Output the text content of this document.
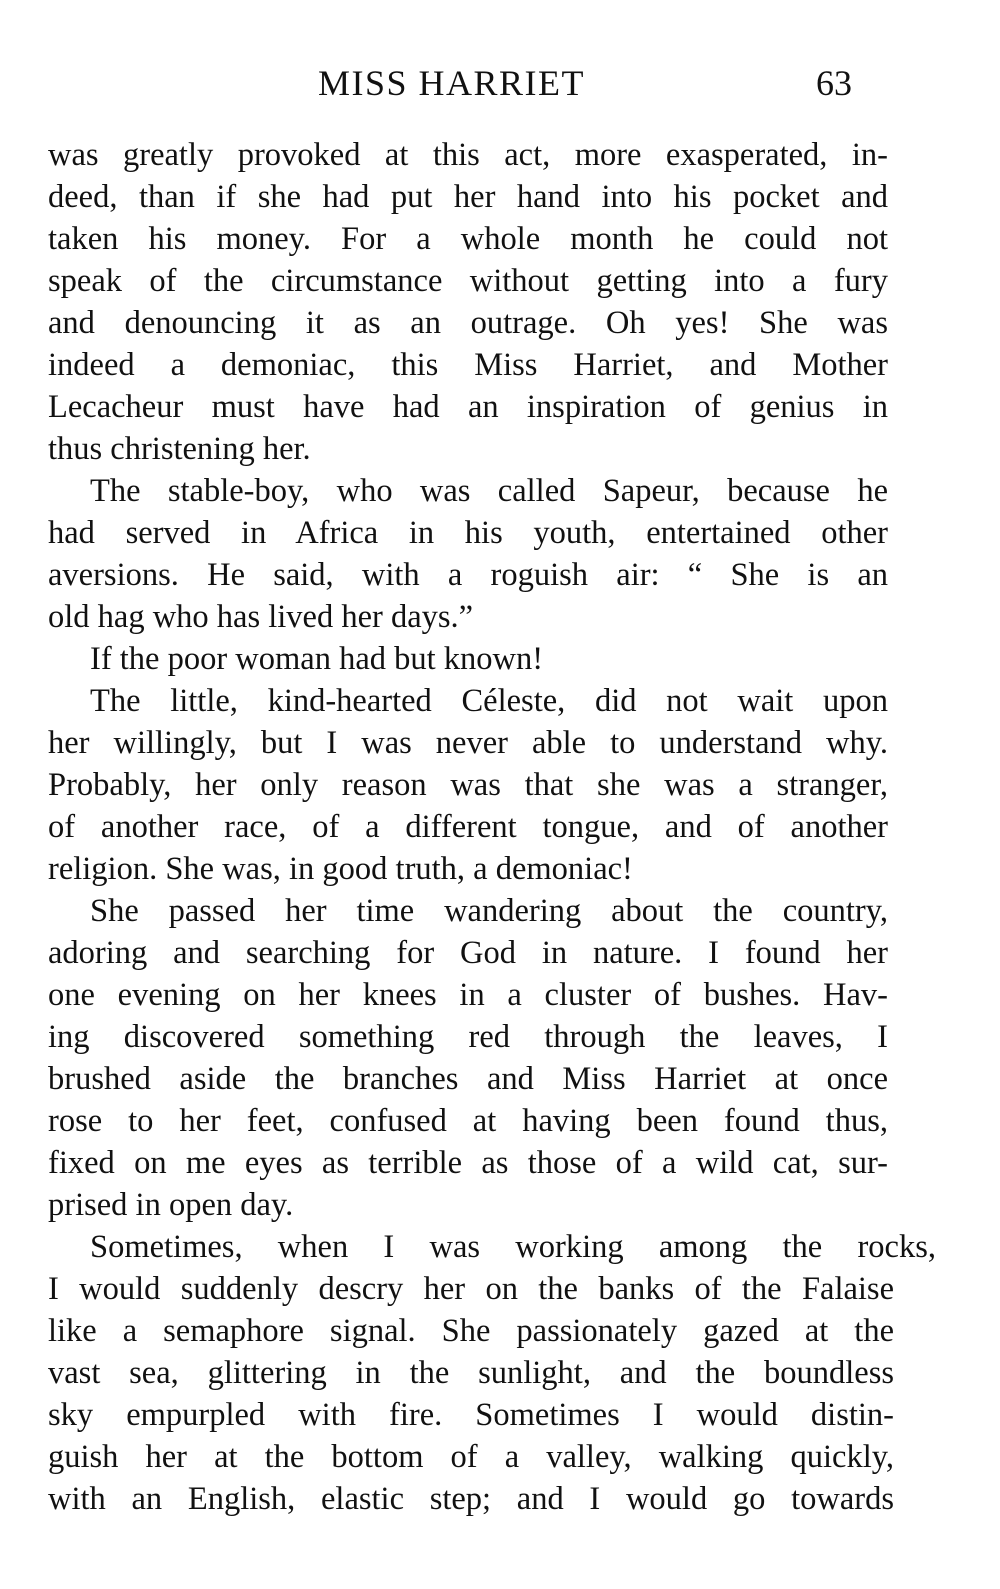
MISS HARRIET	63
was greatly provoked at this act, more exasperated, in-
deed, than if she had put her hand into his pocket and
taken his money. For a whole month he could not
speak of the circumstance without getting into a fury
and denouncing it as an outrage. Oh yes! She was
indeed a demoniac, this Miss Harriet, and Mother
Lecacheur must have had an inspiration of genius in
thus christening her.
The stable-boy, who was called Sapeur, because he
had served in Africa in his youth, entertained other
aversions. He said, with a roguish air: “ She is an
old hag who has lived her days.”
If the poor woman had but known!
The little, kind-hearted Céleste, did not wait upon
her willingly, but I was never able to understand why.
Probably, her only reason was that she was a stranger,
of another race, of a different tongue, and of another
religion. She was, in good truth, a demoniac!
She passed her time wandering about the country,
adoring and searching for God in nature. I found her
one evening on her knees in a cluster of bushes. Hav-
ing discovered something red through the leaves, I
brushed aside the branches and Miss Harriet at once
rose to her feet, confused at having been found thus,
fixed on me eyes as terrible as those of a wild cat, sur-
prised in open day.
Sometimes, when I was working among the rocks,
I would suddenly descry her on the banks of the Falaise
like a semaphore signal. She passionately gazed at the
vast sea, glittering in the sunlight, and the boundless
sky empurpled with fire. Sometimes I would distin-
guish her at the bottom of a valley, walking quickly,
with an English, elastic step; and I would go towards
